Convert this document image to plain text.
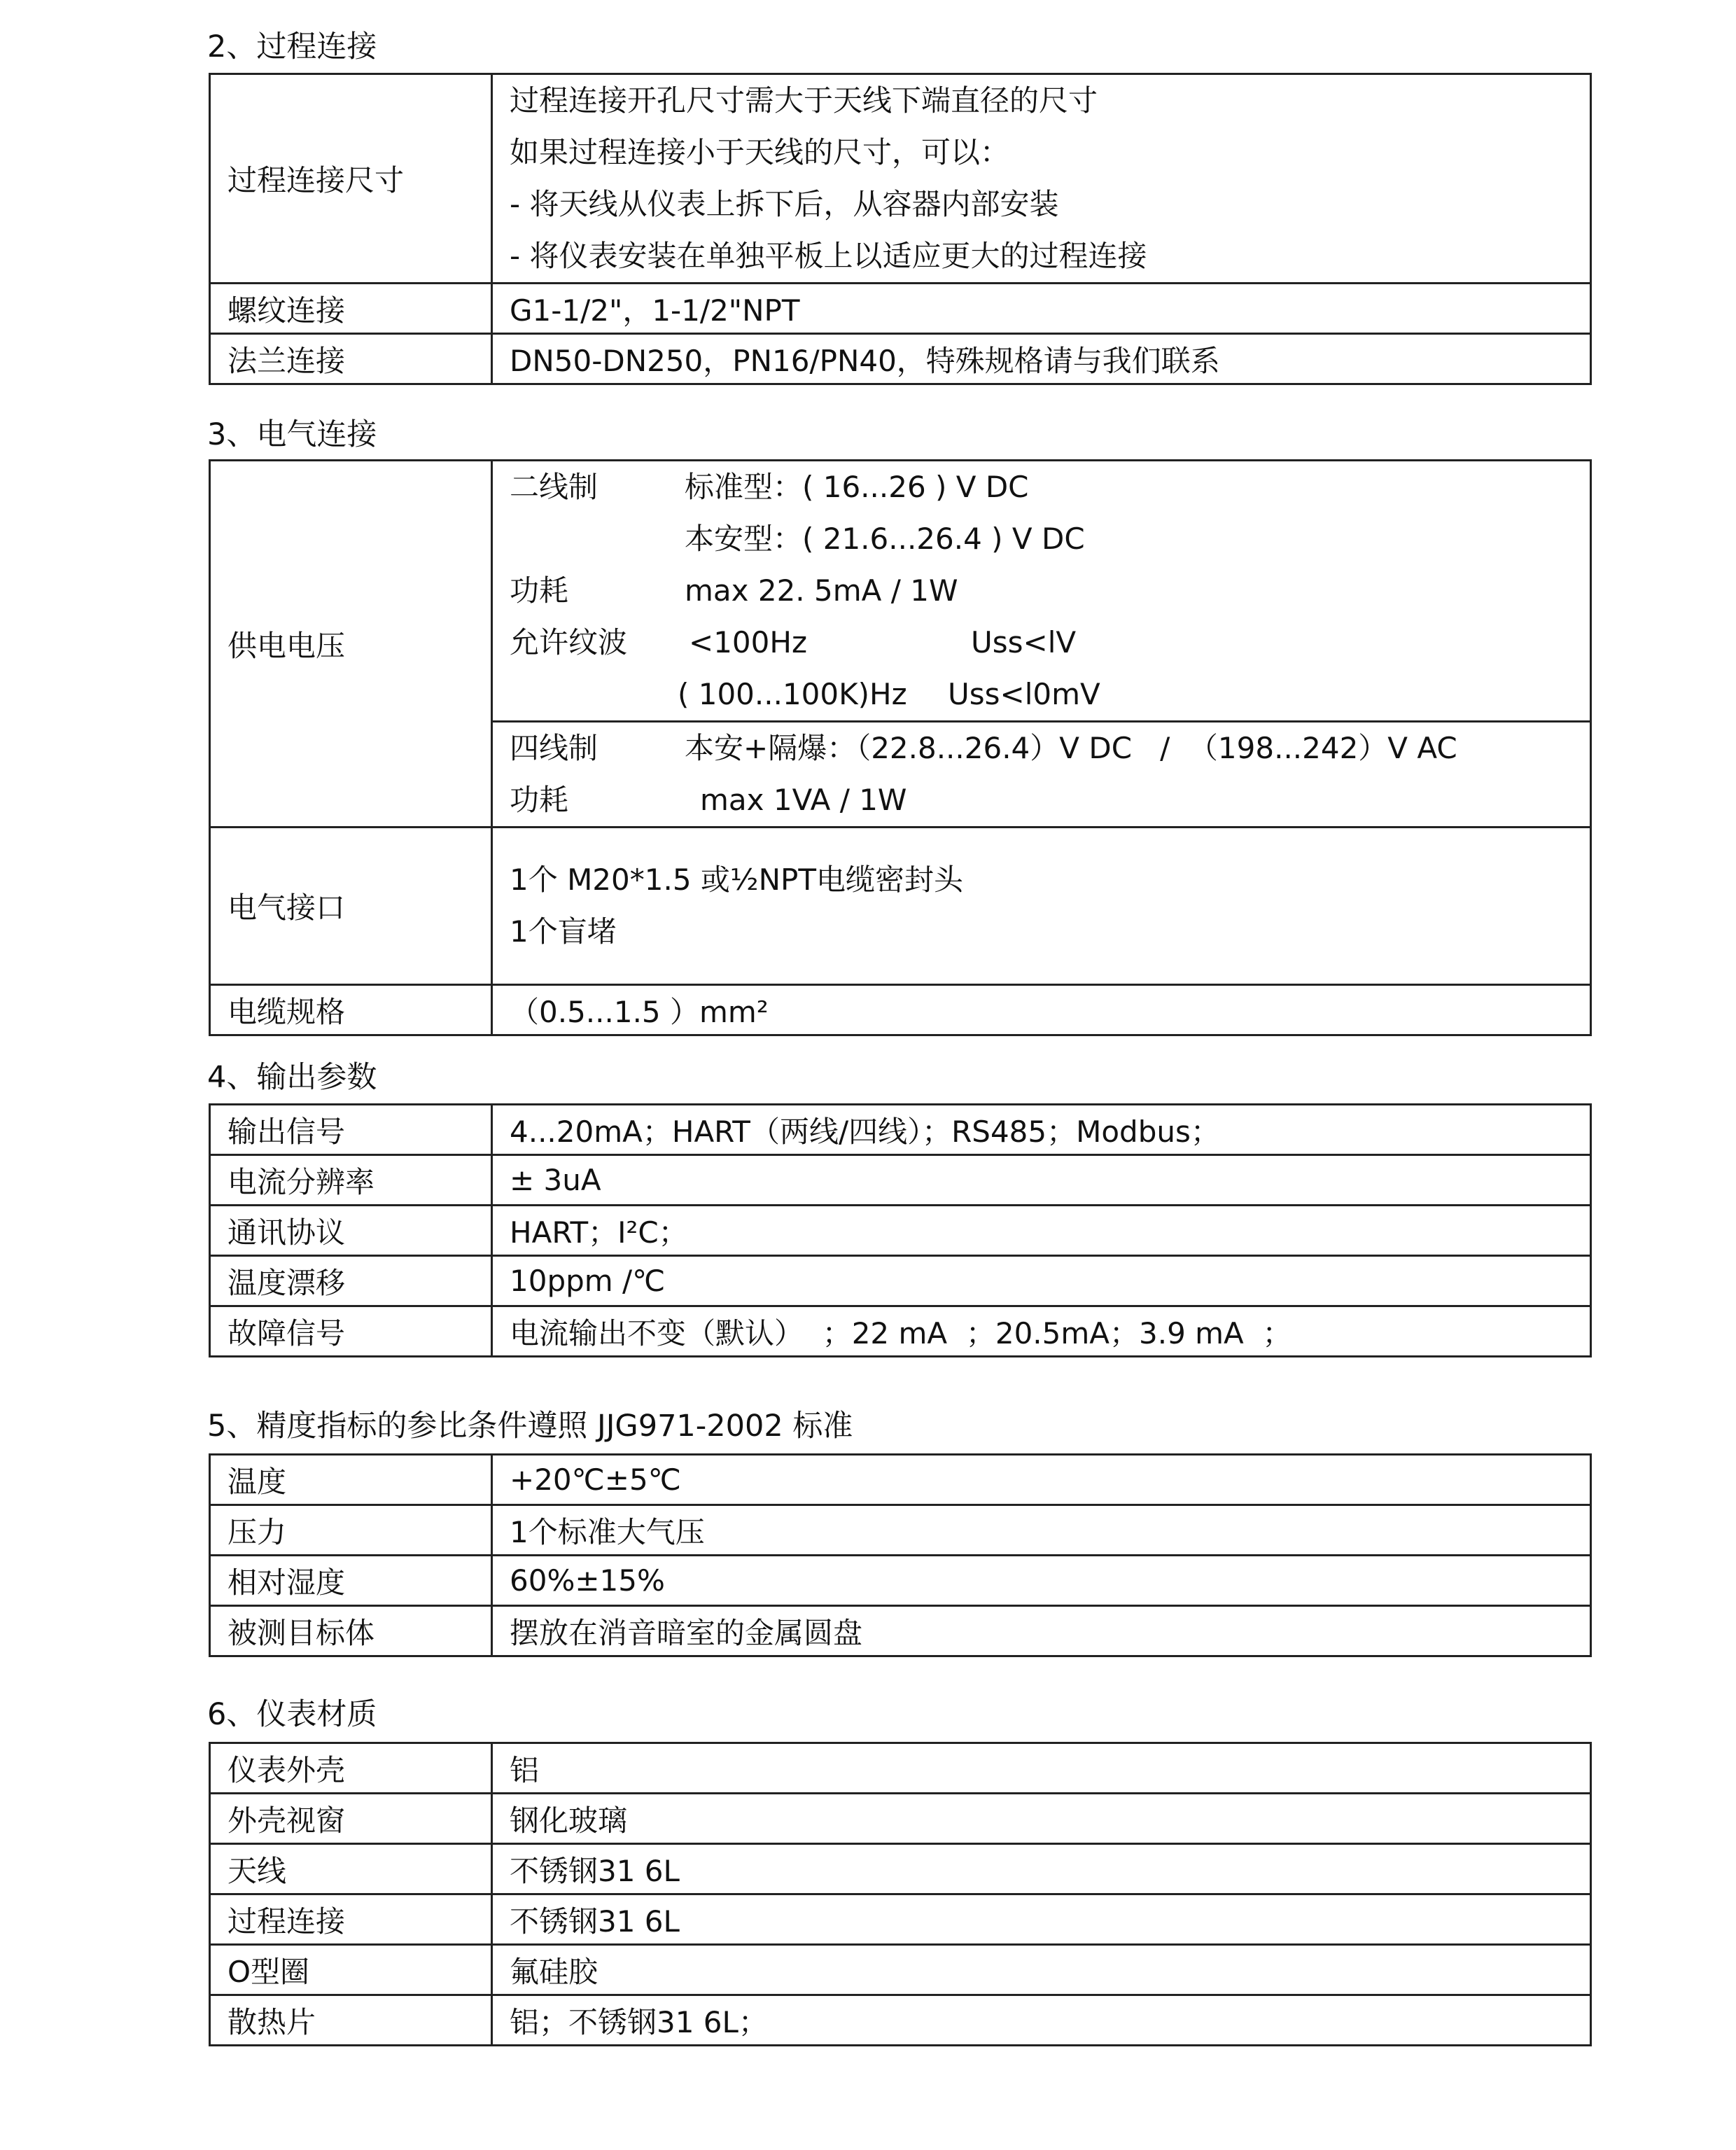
2、过程连接
过程连接尺寸	过程连接开孔尺寸需大于天线下端直径的尺寸
如果过程连接小于天线的尺寸，可以：
- 将天线从仪表上拆下后，从容器内部安装
- 将仪表安装在单独平板上以适应更大的过程连接

螺纹连接	G1-1/2"，1-1/2"NPT
法兰连接	DN50-DN250，PN16/PN40，特殊规格请与我们联系
3、电气连接
供电电压	二线制 标准型：( 16...26 ) V DC
本安型：( 21.6...26.4 ) V DC
功耗 max 22. 5mA / 1W
允许纹波 <100Hz Uss<lV
( 100...100K)Hz Uss<l0mV

	四线制 本安+隔爆：（22.8...26.4）V DC   /  （198...242）V AC
功耗 max 1VA / 1W

电气接口	1个 M20*1.5 或½NPT电缆密封头
1个盲堵

电缆规格	（0.5...1.5 ）mm²
4、输出参数
输出信号	4...20mA；HART（两线/四线）；RS485；Modbus；
电流分辨率	± 3uA
通讯协议	HART；I²C；
温度漂移	10ppm /℃
故障信号	电流输出不变（默认）  ；22 mA  ；20.5mA；3.9 mA  ；
5、精度指标的参比条件遵照 JJG971-2002 标准
温度	+20℃±5℃
压力	1个标准大气压
相对湿度	60%±15%
被测目标体	摆放在消音暗室的金属圆盘
6、仪表材质
仪表外壳	铝
外壳视窗	钢化玻璃
天线	不锈钢31 6L
过程连接	不锈钢31 6L
O型圈	氟硅胶
散热片	铝；不锈钢31 6L；
